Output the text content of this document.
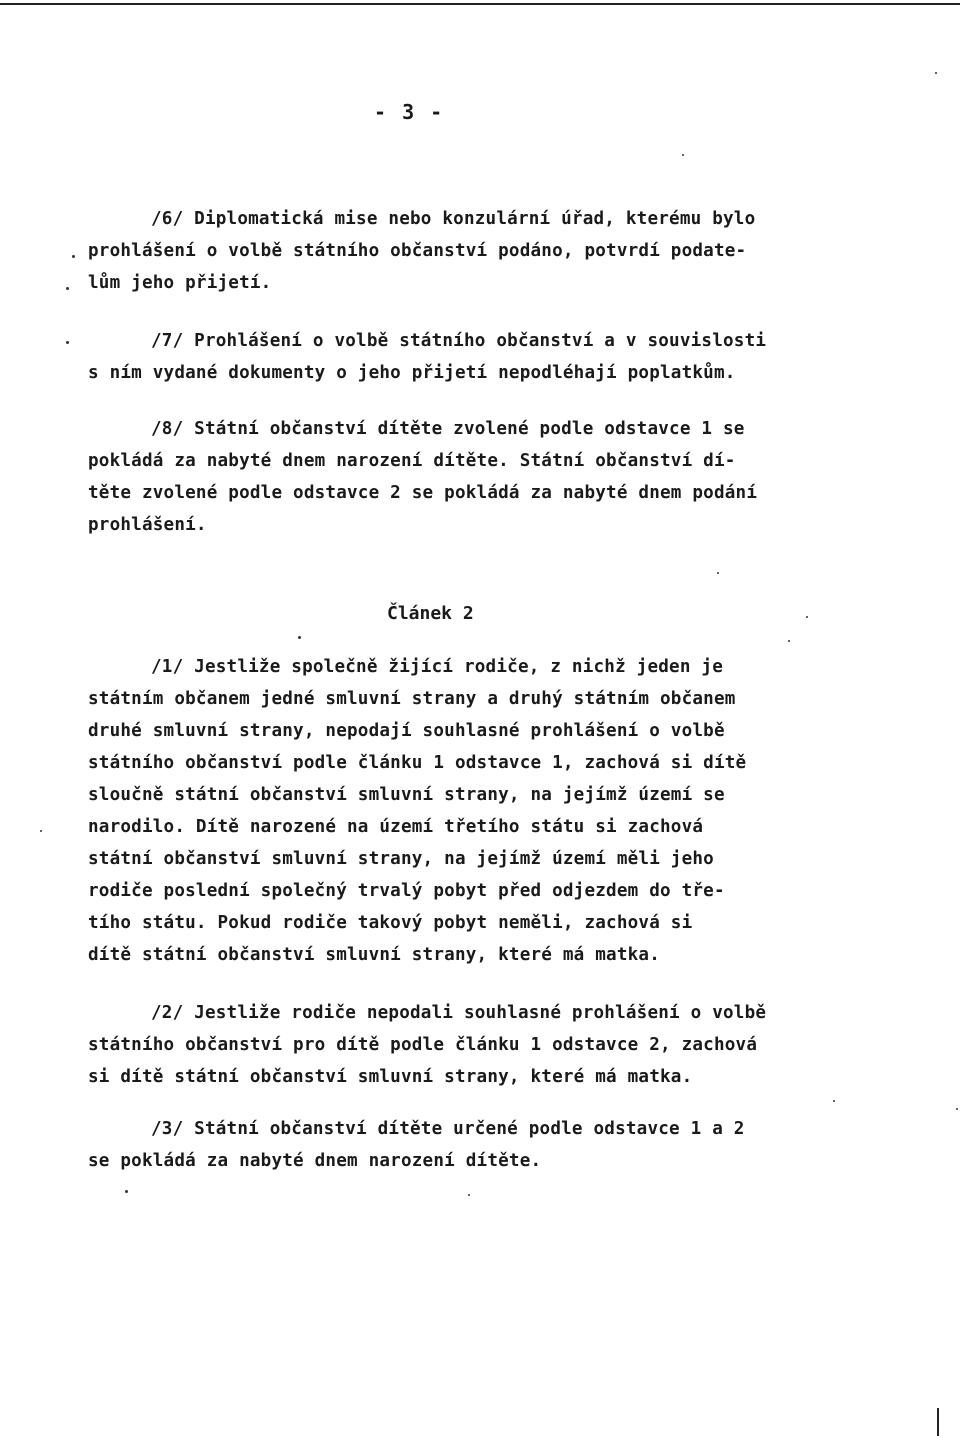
- 3 -
/6/ Diplomatická mise nebo konzulární úřad, kterému bylo
prohlášení o volbě státního občanství podáno, potvrdí podate-
lům jeho přijetí.
/7/ Prohlášení o volbě státního občanství a v souvislosti
s ním vydané dokumenty o jeho přijetí nepodléhají poplatkům.
/8/ Státní občanství dítěte zvolené podle odstavce 1 se
pokládá za nabyté dnem narození dítěte. Státní občanství dí-
těte zvolené podle odstavce 2 se pokládá za nabyté dnem podání
prohlášení.
Článek 2
/1/ Jestliže společně žijící rodiče, z nichž jeden je
státním občanem jedné smluvní strany a druhý státním občanem
druhé smluvní strany, nepodají souhlasné prohlášení o volbě
státního občanství podle článku 1 odstavce 1, zachová si dítě
sloučně státní občanství smluvní strany, na jejímž území se
narodilo. Dítě narozené na území třetího státu si zachová
státní občanství smluvní strany, na jejímž území měli jeho
rodiče poslední společný trvalý pobyt před odjezdem do tře-
tího státu. Pokud rodiče takový pobyt neměli, zachová si
dítě státní občanství smluvní strany, které má matka.
/2/ Jestliže rodiče nepodali souhlasné prohlášení o volbě
státního občanství pro dítě podle článku 1 odstavce 2, zachová
si dítě státní občanství smluvní strany, které má matka.
/3/ Státní občanství dítěte určené podle odstavce 1 a 2
se pokládá za nabyté dnem narození dítěte.
